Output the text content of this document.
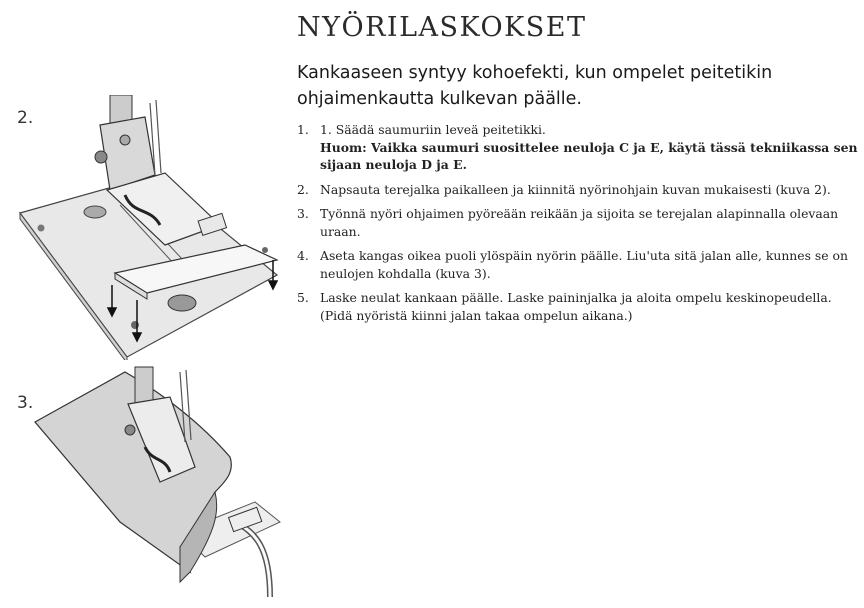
2.
3.
NYÖRILASKOKSET

Kankaaseen syntyy kohoefekti, kun ompelet peitetikin ohjaimenkautta kulkevan päälle.

1. 1. Säädä saumuriin leveä peitetikki.
Huom: Vaikka saumuri suosittelee neuloja C ja E, käytä tässä tekniikassa sen sijaan neuloja D ja E.
2. Napsauta terejalka paikalleen ja kiinnitä nyörinohjain kuvan mukaisesti (kuva 2).
3. Työnnä nyöri ohjaimen pyöreään reikään ja sijoita se terejalan alapinnalla olevaan uraan.
4. Aseta kangas oikea puoli ylöspäin nyörin päälle. Liu'uta sitä jalan alle, kunnes se on neulojen kohdalla (kuva 3).
5. Laske neulat kankaan päälle. Laske paininjalka ja aloita ompelu keskinopeudella. (Pidä nyöristä kiinni jalan takaa ompelun aikana.)
